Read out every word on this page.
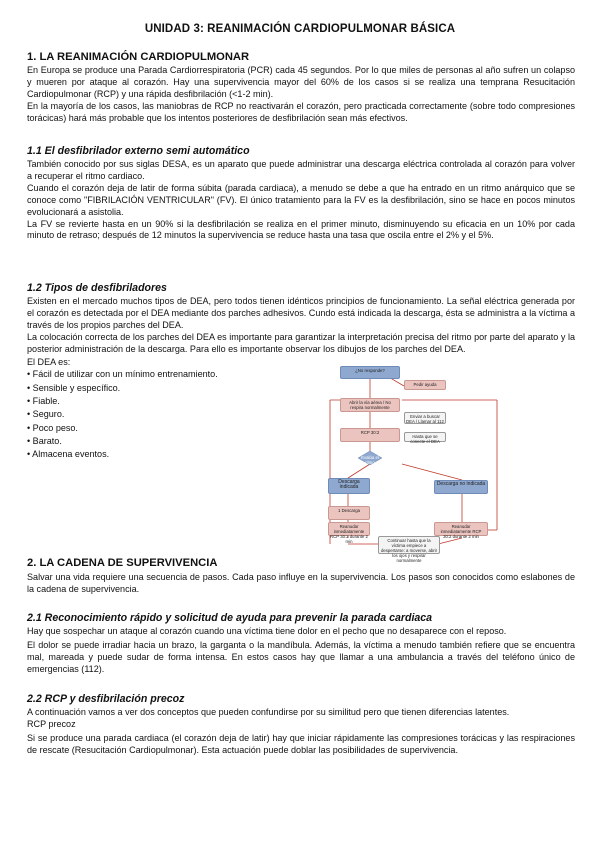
UNIDAD 3: REANIMACIÓN CARDIOPULMONAR BÁSICA
1. LA REANIMACIÓN CARDIOPULMONAR

En Europa se produce una Parada Cardiorrespiratoria (PCR) cada 45 segundos. Por lo que miles de personas al año sufren un colapso y mueren por ataque al corazón. Hay una supervivencia mayor del 60% de los casos si se realiza una temprana Resucitación Cardiopulmonar (RCP) y una rápida desfibrilación (<1-2 min).

En la mayoría de los casos, las maniobras de RCP no reactivarán el corazón, pero practicada correctamente (sobre todo compresiones torácicas) hará más probable que los intentos posteriores de desfibrilación sean más efectivos.

1.1 El desfibrilador externo semi automático

También conocido por sus siglas DESA, es un aparato que puede administrar una descarga eléctrica controlada al corazón para volver a recuperar el ritmo cardiaco.

Cuando el corazón deja de latir de forma súbita (parada cardiaca), a menudo se debe a que ha entrado en un ritmo anárquico que se conoce como "FIBRILACIÓN VENTRICULAR" (FV). El único tratamiento para la FV es la desfibrilación, sino se hace en pocos minutos evolucionará a asistolia.

La FV se revierte hasta en un 90% si la desfibrilación se realiza en el primer minuto, disminuyendo su eficacia en un 10% por cada minuto de retraso; después de 12 minutos la supervivencia se reduce hasta una tasa que oscila entre el 2% y el 5%.

1.2 Tipos de desfibriladores

Existen en el mercado muchos tipos de DEA, pero todos tienen idénticos principios de funcionamiento. La señal eléctrica generada por el corazón es detectada por el DEA mediante dos parches adhesivos. Cundo está indicada la descarga, ésta se administra a la víctima a través de los propios parches del DEA.

La colocación correcta de los parches del DEA es importante para garantizar la interpretación precisa del ritmo por parte del aparato y la posterior administración de la descarga. Para ello es importante observar los dibujos de los parches del DEA.

El DEA es:

• Fácil de utilizar con un mínimo entrenamiento.
• Sensible y específico.
• Fiable.
• Seguro.
• Poco peso.
• Barato.
• Almacena eventos.
¿No responde?
Pedir ayuda
Abrir la vía aérea / No respira normalmente
Enviar a buscar DEA / Llamar al 112
RCP 30:2
Hasta que se conecte el DEA
Evalúa el ritmo
Descarga indicada	Descarga no indicada
1 Descarga
Reanudar inmediatamente RCP 30:2 durante 2 min
Reanudar inmediatamente RCP 30:2 durante 2 min
Continuar hasta que la víctima empiece a despertarse: a moverse, abrir los ojos y respirar normalmente
2. LA CADENA DE SUPERVIVENCIA

Salvar una vida requiere una secuencia de pasos. Cada paso influye en la supervivencia. Los pasos son conocidos como eslabones de la cadena de supervivencia.

2.1 Reconocimiento rápido y solicitud de ayuda para prevenir la parada cardiaca

Hay que sospechar un ataque al corazón cuando una víctima tiene dolor en el pecho que no desaparece con el reposo.

El dolor se puede irradiar hacia un brazo, la garganta o la mandíbula. Además, la víctima a menudo también refiere que se encuentra mal, mareada y puede sudar de forma intensa. En estos casos hay que llamar a una ambulancia a través del teléfono único de emergencias (112).

2.2 RCP y desfibrilación precoz

A continuación vamos a ver dos conceptos que pueden confundirse por su similitud pero que tienen diferencias latentes.

RCP precoz

Si se produce una parada cardiaca (el corazón deja de latir) hay que iniciar rápidamente las compresiones torácicas y las respiraciones de rescate (Resucitación Cardiopulmonar). Esta actuación puede doblar las posibilidades de supervivencia.
